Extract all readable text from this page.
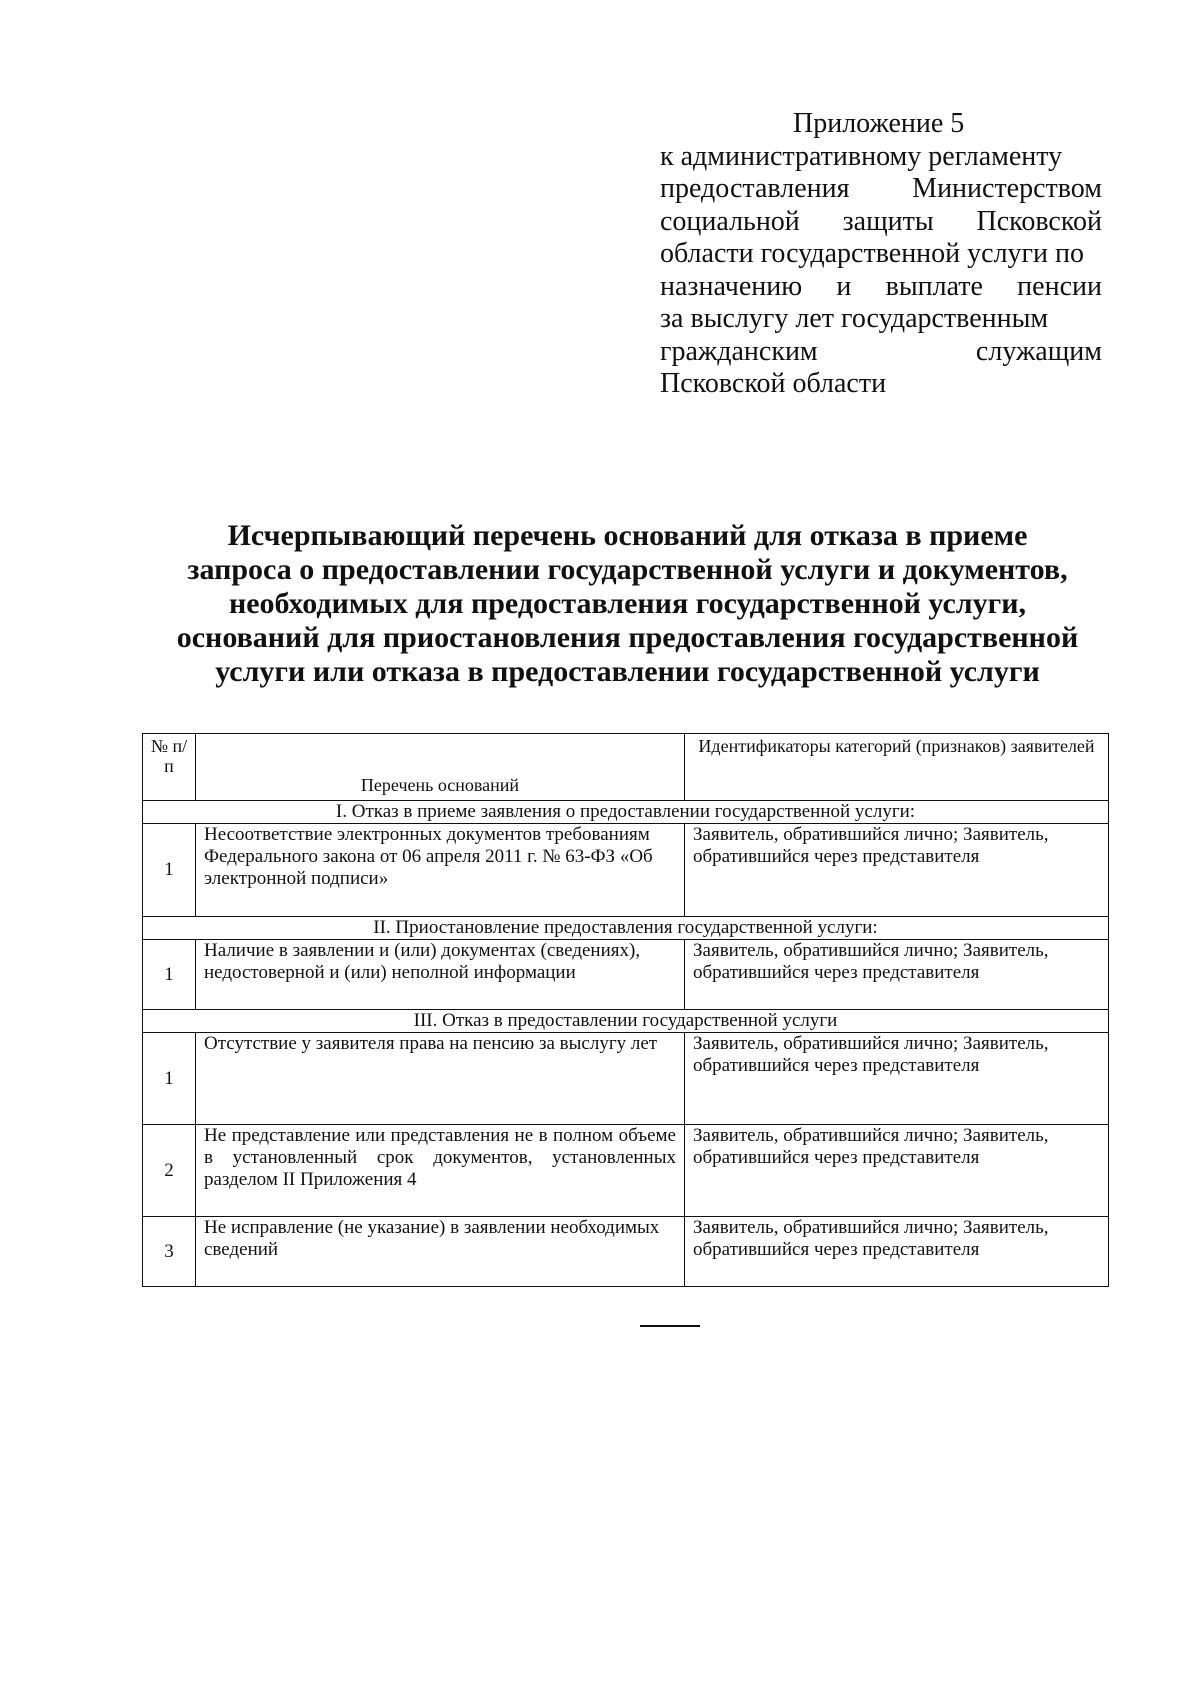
Приложение 5
к административному регламенту
предоставления Министерством
социальной защиты Псковской
области государственной услуги по
назначению и выплате пенсии
за выслугу лет государственным
гражданским	служащим
Псковской области
Исчерпывающий перечень оснований для отказа в приеме
запроса о предоставлении государственной услуги и документов,
необходимых для предоставления государственной услуги,
оснований для приостановления предоставления государственной
услуги или отказа в предоставлении государственной услуги
№ п/п	Перечень оснований	Идентификаторы категорий (признаков) заявителей
I. Отказ в приеме заявления о предоставлении государственной услуги:		
1	Несоответствие электронных документов требованиям Федерального закона от 06 апреля 2011 г. № 63-ФЗ «Об электронной подписи»	Заявитель, обратившийся лично; Заявитель, обратившийся через представителя
II. Приостановление предоставления государственной услуги:		
1	Наличие в заявлении и (или) документах (сведениях), недостоверной и (или) неполной информации	Заявитель, обратившийся лично; Заявитель, обратившийся через представителя
III. Отказ в предоставлении государственной услуги		
1	Отсутствие у заявителя права на пенсию за выслугу лет	Заявитель, обратившийся лично; Заявитель, обратившийся через представителя
2	Не представление или представления не в полном объеме в установленный срок документов, установленных разделом II Приложения 4	Заявитель, обратившийся лично; Заявитель, обратившийся через представителя
3	Не исправление (не указание) в заявлении необходимых сведений	Заявитель, обратившийся лично; Заявитель, обратившийся через представителя
